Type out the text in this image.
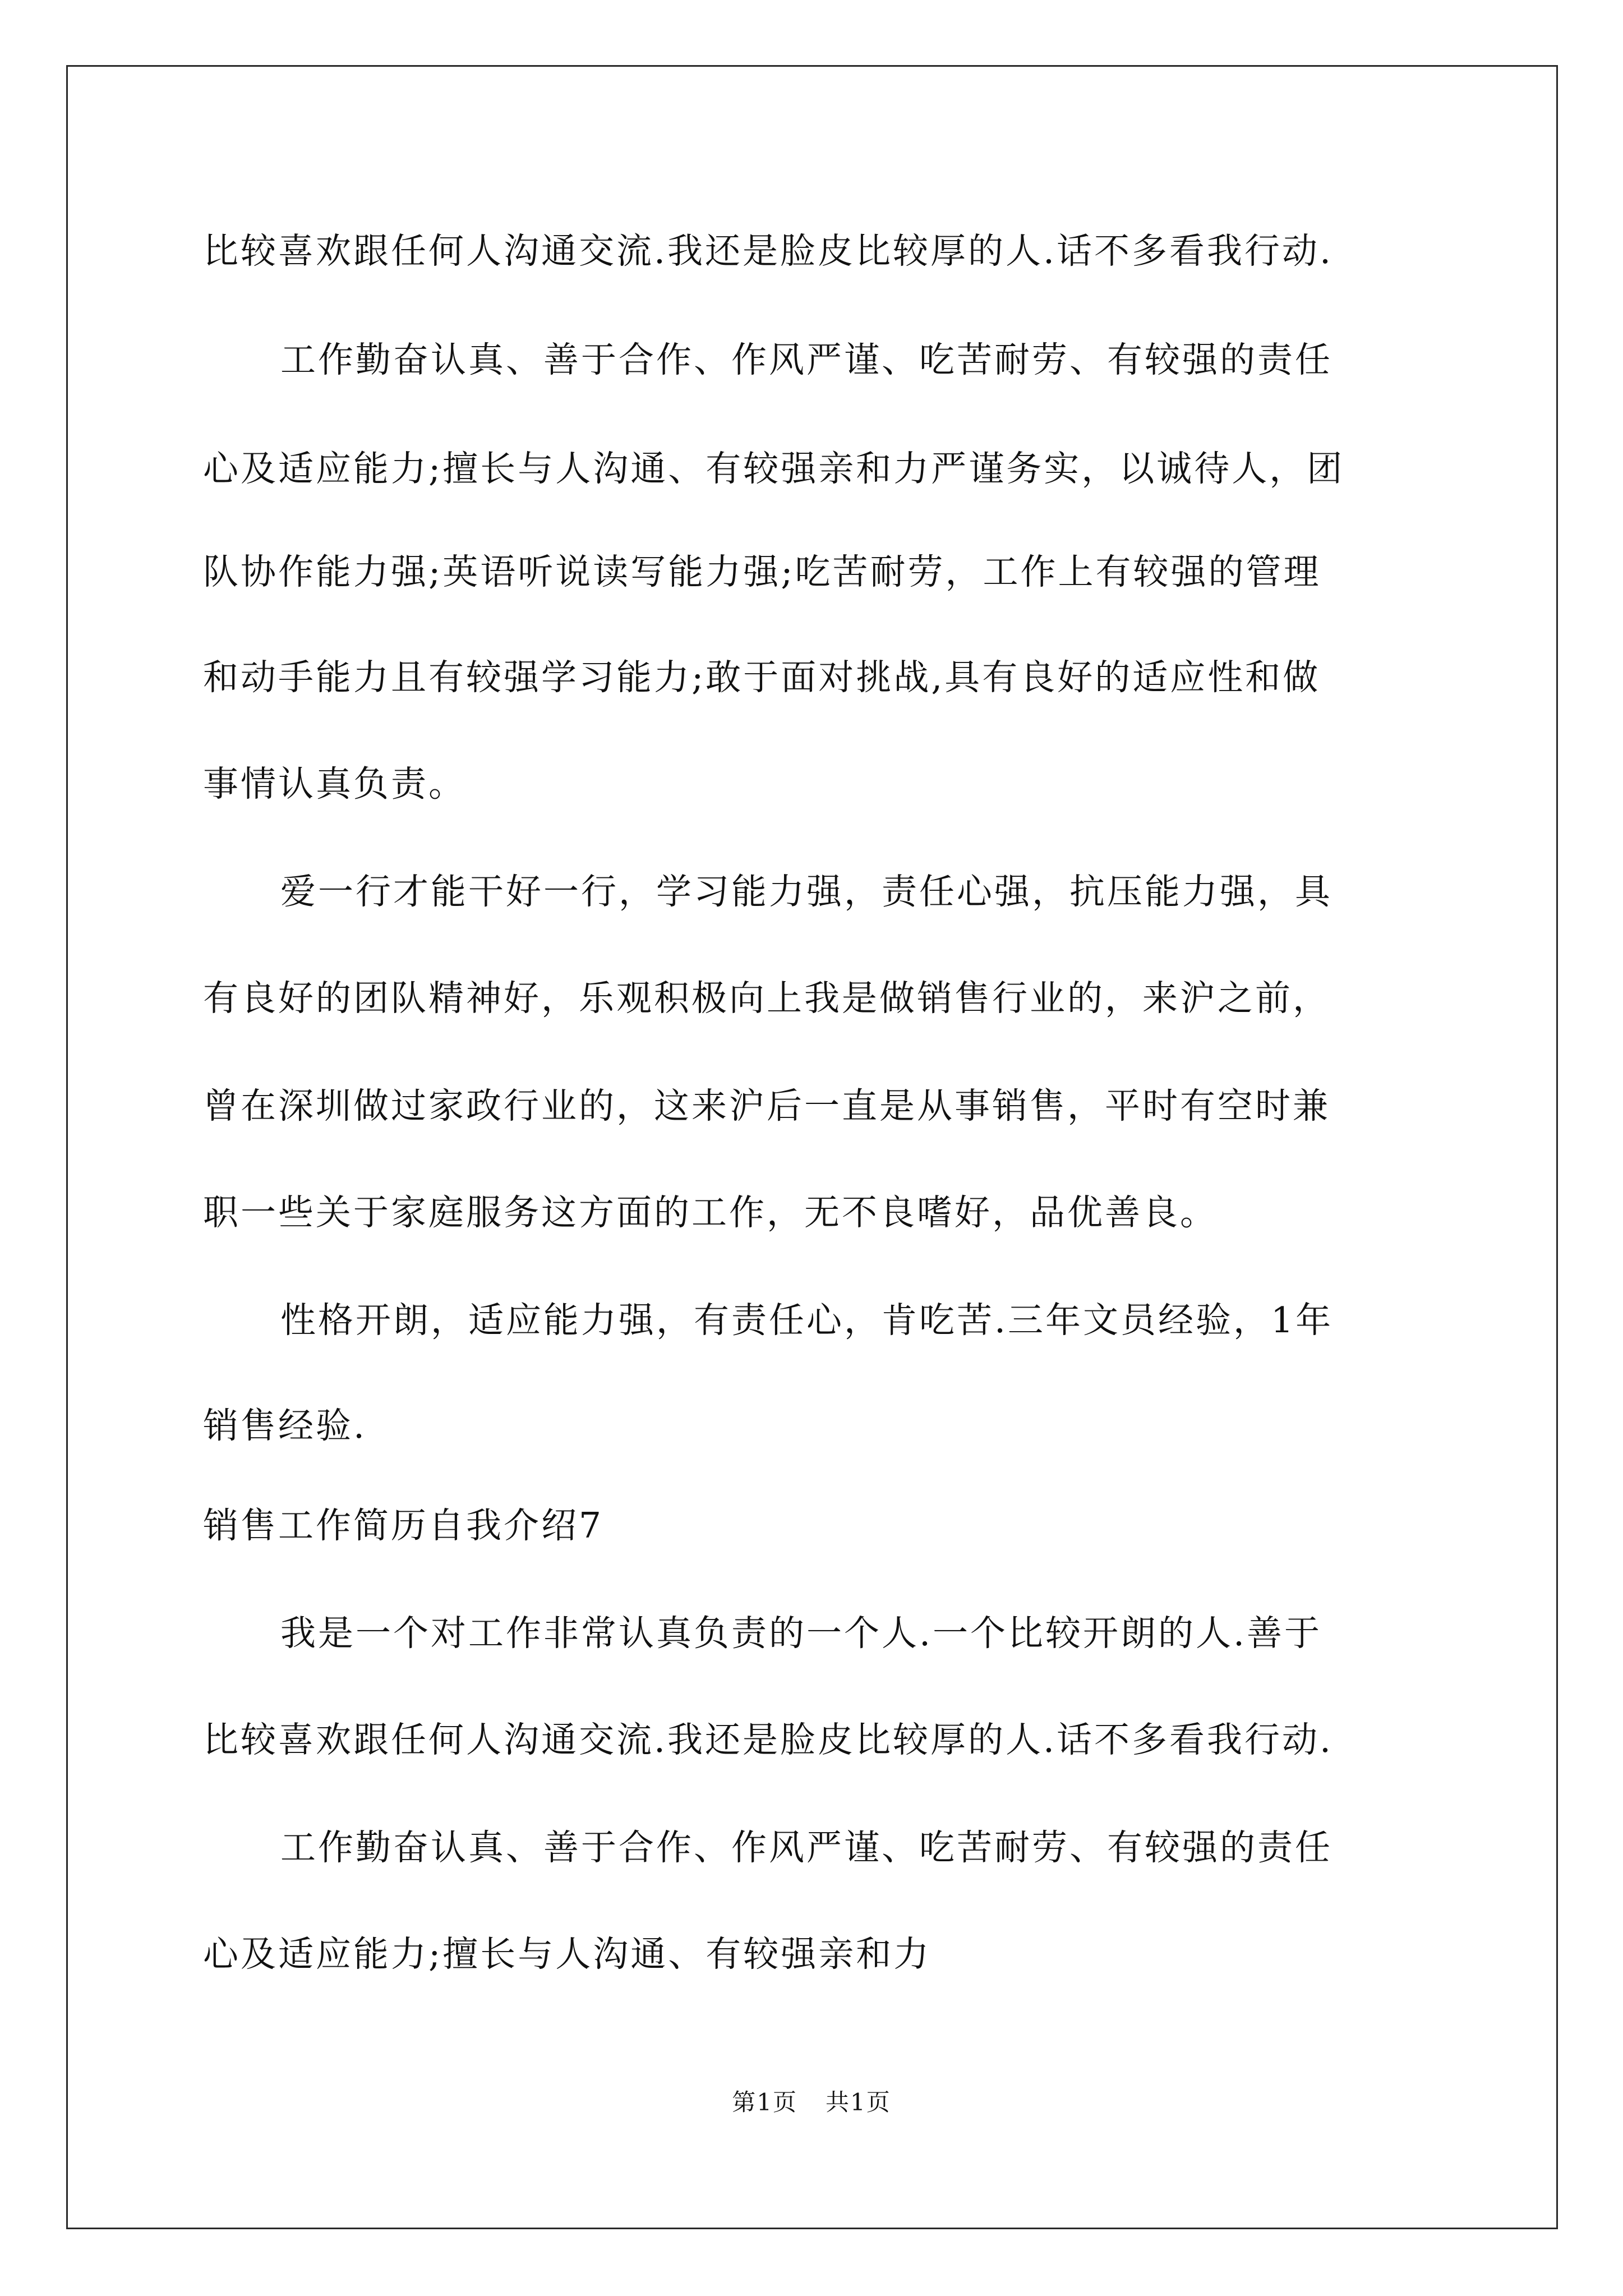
比较喜欢跟任何人沟通交流.我还是脸皮比较厚的人.话不多看我行动.
工作勤奋认真、善于合作、作风严谨、吃苦耐劳、有较强的责任
心及适应能力;擅长与人沟通、有较强亲和力严谨务实，以诚待人，团
队协作能力强;英语听说读写能力强;吃苦耐劳，工作上有较强的管理
和动手能力且有较强学习能力;敢于面对挑战,具有良好的适应性和做
事情认真负责。
爱一行才能干好一行，学习能力强，责任心强，抗压能力强，具
有良好的团队精神好，乐观积极向上我是做销售行业的，来沪之前，
曾在深圳做过家政行业的，这来沪后一直是从事销售，平时有空时兼
职一些关于家庭服务这方面的工作，无不良嗜好，品优善良。
性格开朗，适应能力强，有责任心，肯吃苦.三年文员经验，1年
销售经验.
销售工作简历自我介绍7
我是一个对工作非常认真负责的一个人.一个比较开朗的人.善于
比较喜欢跟任何人沟通交流.我还是脸皮比较厚的人.话不多看我行动.
工作勤奋认真、善于合作、作风严谨、吃苦耐劳、有较强的责任
心及适应能力;擅长与人沟通、有较强亲和力
第1页 共1页
